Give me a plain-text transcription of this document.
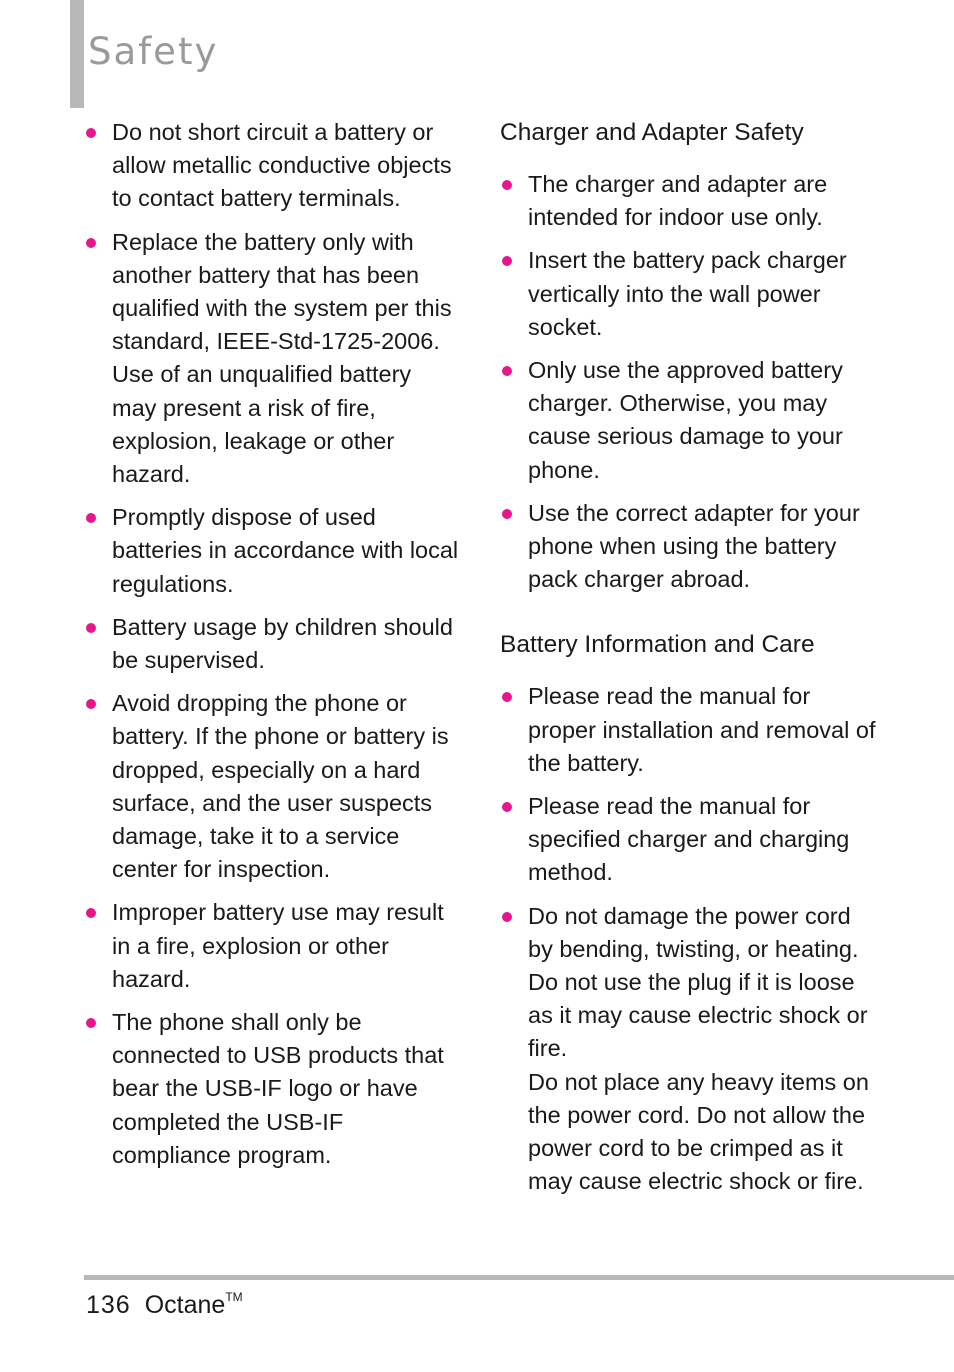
Safety

Do not short circuit a battery or allow metallic conductive objects to contact battery terminals.

Replace the battery only with another battery that has been qualified with the system per this standard, IEEE-Std-1725-2006. Use of an unqualified battery may present a risk of fire, explosion, leakage or other hazard.

Promptly dispose of used batteries in accordance with local regulations.

Battery usage by children should be supervised.

Avoid dropping the phone or battery. If the phone or battery is dropped, especially on a hard surface, and the user suspects damage, take it to a service center for inspection.

Improper battery use may result in a fire, explosion or other hazard.

The phone shall only be connected to USB products that bear the USB-IF logo or have completed the USB-IF compliance program.

Charger and Adapter Safety

The charger and adapter are intended for indoor use only.

Insert the battery pack charger vertically into the wall power socket.

Only use the approved battery charger. Otherwise, you may cause serious damage to your phone.

Use the correct adapter for your phone when using the battery pack charger abroad.

Battery Information and Care

Please read the manual for proper installation and removal of the battery.

Please read the manual for specified charger and charging method.

Do not damage the power cord by bending, twisting, or heating. Do not use the plug if it is loose as it may cause electric shock or fire.

Do not place any heavy items on the power cord. Do not allow the power cord to be crimped as it may cause electric shock or fire.

136 Octane™
